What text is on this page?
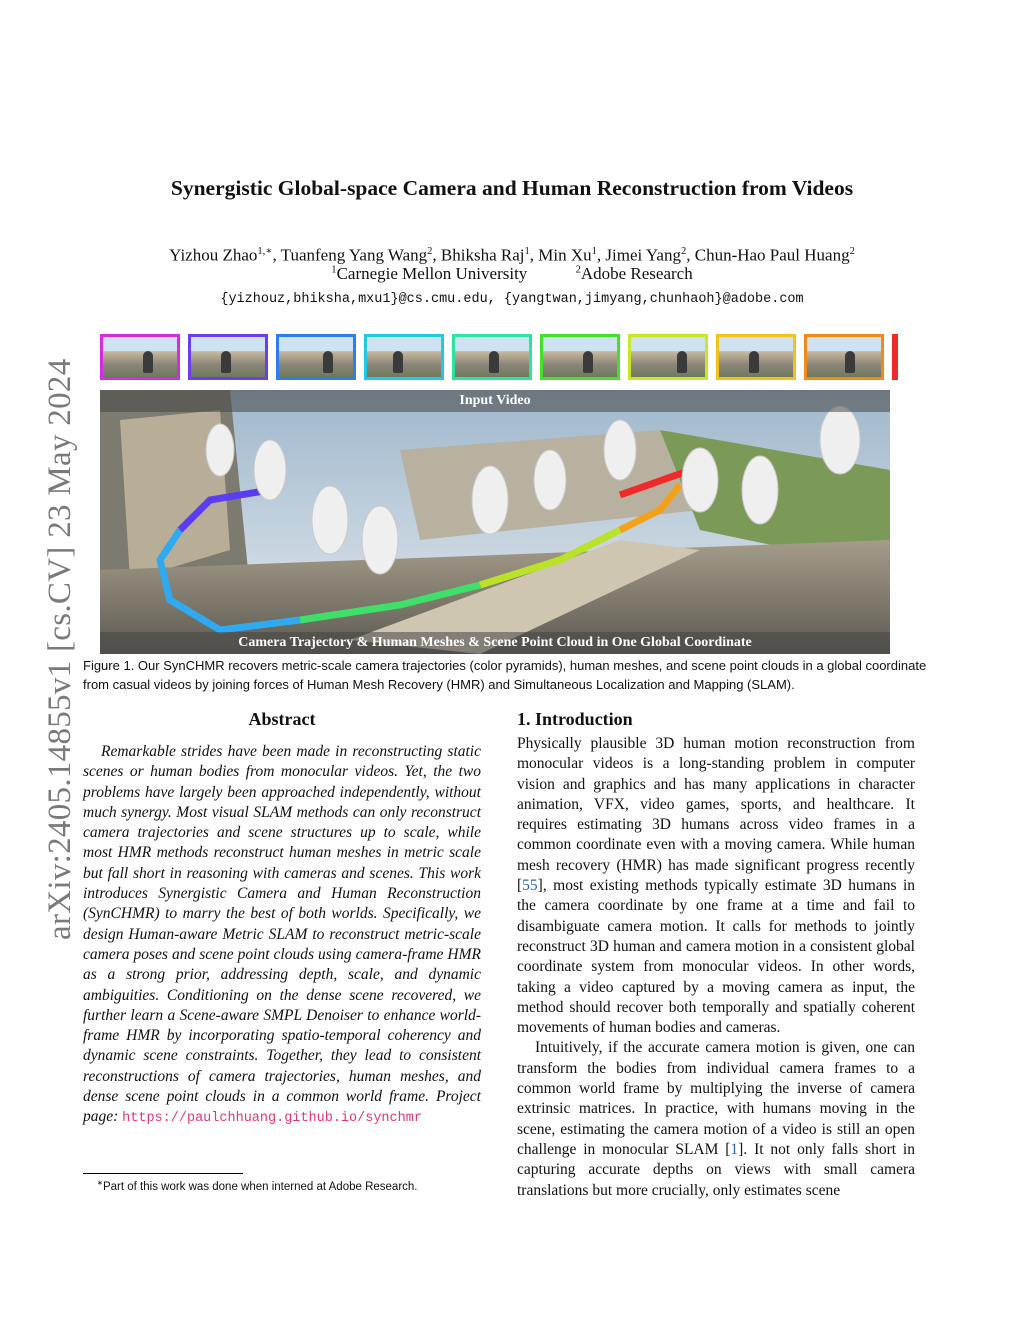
arXiv:2405.14855v1 [cs.CV] 23 May 2024
Synergistic Global-space Camera and Human Reconstruction from Videos
Yizhou Zhao$^{1,∗}$, Tuanfeng Yang Wang$^2$, Bhiksha Raj$^1$, Min Xu$^1$, Jimei Yang$^2$, Chun-Hao Paul Huang$^2$
$^1$Carnegie Mellon University	$^2$Adobe Research
{yizhouz,bhiksha,mxu1}@cs.cmu.edu, {yangtwan,jimyang,chunhaoh}@adobe.com
Input Video
Camera Trajectory & Human Meshes & Scene Point Cloud in One Global Coordinate
Figure 1. Our SynCHMR recovers metric-scale camera trajectories (color pyramids), human meshes, and scene point clouds in a global coordinate from casual videos by joining forces of Human Mesh Recovery (HMR) and Simultaneous Localization and Mapping (SLAM).
Abstract
Remarkable strides have been made in reconstructing static scenes or human bodies from monocular videos. Yet, the two problems have largely been approached independently, without much synergy. Most visual SLAM methods can only reconstruct camera trajectories and scene structures up to scale, while most HMR methods reconstruct human meshes in metric scale but fall short in reasoning with cameras and scenes. This work introduces Synergistic Camera and Human Reconstruction (SynCHMR) to marry the best of both worlds. Specifically, we design Human-aware Metric SLAM to reconstruct metric-scale camera poses and scene point clouds using camera-frame HMR as a strong prior, addressing depth, scale, and dynamic ambiguities. Conditioning on the dense scene recovered, we further learn a Scene-aware SMPL Denoiser to enhance world-frame HMR by incorporating spatio-temporal coherency and dynamic scene constraints. Together, they lead to consistent reconstructions of camera trajectories, human meshes, and dense scene point clouds in a common world frame. Project page: https://paulchhuang.github.io/synchmr
∗Part of this work was done when interned at Adobe Research.
1. Introduction

Physically plausible 3D human motion reconstruction from monocular videos is a long-standing problem in computer vision and graphics and has many applications in character animation, VFX, video games, sports, and healthcare. It requires estimating 3D humans across video frames in a common coordinate even with a moving camera. While human mesh recovery (HMR) has made significant progress recently [55], most existing methods typically estimate 3D humans in the camera coordinate by one frame at a time and fail to disambiguate camera motion. It calls for methods to jointly reconstruct 3D human and camera motion in a consistent global coordinate system from monocular videos. In other words, taking a video captured by a moving camera as input, the method should recover both temporally and spatially coherent movements of human bodies and cameras.

Intuitively, if the accurate camera motion is given, one can transform the bodies from individual camera frames to a common world frame by multiplying the inverse of camera extrinsic matrices. In practice, with humans moving in the scene, estimating the camera motion of a video is still an open challenge in monocular SLAM [1]. It not only falls short in capturing accurate depths on views with small camera translations but more crucially, only estimates scene
